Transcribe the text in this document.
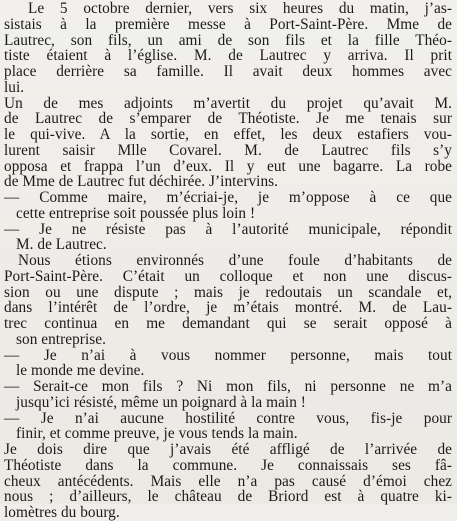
Le 5 octobre dernier, vers six heures du matin, j’as-
sistais à la première messe à Port-Saint-Père. Mme de
Lautrec, son fils, un ami de son fils et la fille Théo-
tiste étaient à l’église. M. de Lautrec y arriva. Il prit
place derrière sa famille. Il avait deux hommes avec
lui.
Un de mes adjoints m’avertit du projet qu’avait M.
de Lautrec de s’emparer de Théotiste. Je me tenais sur
le qui-vive. A la sortie, en effet, les deux estafiers vou-
lurent saisir Mlle Covarel. M. de Lautrec fils s’y
opposa et frappa l’un d’eux. Il y eut une bagarre. La robe
de Mme de Lautrec fut déchirée. J’intervins.
— Comme maire, m’écriai-je, je m’oppose à ce que
cette entreprise soit poussée plus loin !
— Je ne résiste pas à l’autorité municipale, répondit
M. de Lautrec.
Nous étions environnés d’une foule d’habitants de
Port-Saint-Père. C’était un colloque et non une discus-
sion ou une dispute ; mais je redoutais un scandale et,
dans l’intérêt de l’ordre, je m’étais montré. M. de Lau-
trec continua en me demandant qui se serait opposé à
son entreprise.
— Je n’ai à vous nommer personne, mais tout
le monde me devine.
— Serait-ce mon fils ? Ni mon fils, ni personne ne m’a
jusqu’ici résisté, même un poignard à la main !
— Je n’ai aucune hostilité contre vous, fis-je pour
finir, et comme preuve, je vous tends la main.
Je dois dire que j’avais été affligé de l’arrivée de
Théotiste dans la commune. Je connaissais ses fâ-
cheux antécédents. Mais elle n’a pas causé d’émoi chez
nous ; d’ailleurs, le château de Briord est à quatre ki-
lomètres du bourg.
